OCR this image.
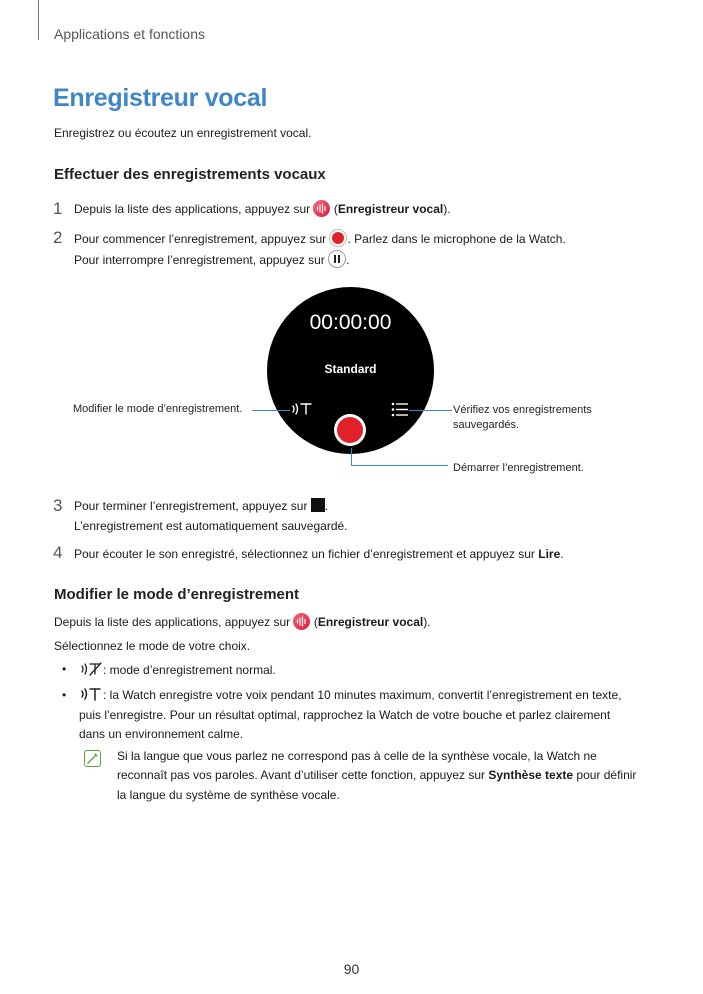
Applications et fonctions
Enregistreur vocal
Enregistrez ou écoutez un enregistrement vocal.
Effectuer des enregistrements vocaux
1 Depuis la liste des applications, appuyez sur (Enregistreur vocal).
2 Pour commencer l’enregistrement, appuyez sur . Parlez dans le microphone de la Watch.
Pour interrompre l’enregistrement, appuyez sur .
00:00:00
Standard
Modifier le mode d’enregistrement.	Vérifiez vos enregistrements
sauvegardés.
Démarrer l’enregistrement.
3 Pour terminer l’enregistrement, appuyez sur .
L’enregistrement est automatiquement sauvegardé.
4 Pour écouter le son enregistré, sélectionnez un fichier d’enregistrement et appuyez sur Lire.
Modifier le mode d’enregistrement
Depuis la liste des applications, appuyez sur (Enregistreur vocal).
Sélectionnez le mode de votre choix.
•	: mode d’enregistrement normal.
•	: la Watch enregistre votre voix pendant 10 minutes maximum, convertit l’enregistrement en texte,
puis l’enregistre. Pour un résultat optimal, rapprochez la Watch de votre bouche et parlez clairement
dans un environnement calme.
Si la langue que vous parlez ne correspond pas à celle de la synthèse vocale, la Watch ne
reconnaît pas vos paroles. Avant d’utiliser cette fonction, appuyez sur Synthèse texte pour définir
la langue du système de synthèse vocale.
90
